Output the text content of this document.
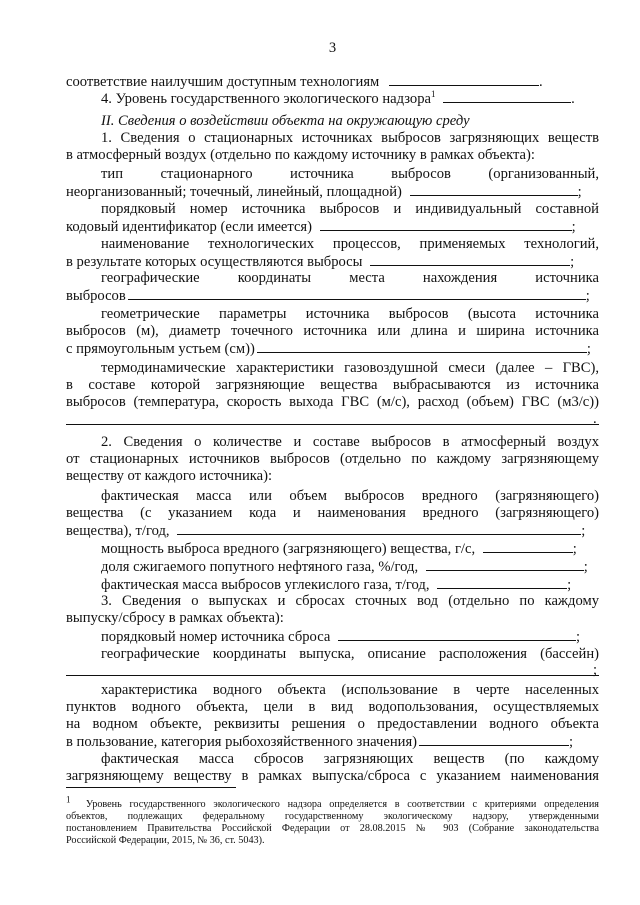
3
соответствие наилучшим доступным технологиям	.
4. Уровень государственного экологического надзора$^1$	.
II. Сведения о воздействии объекта на окружающую среду
1. Сведения о стационарных источниках выбросов загрязняющих веществ
в атмосферный воздух (отдельно по каждому источнику в рамках объекта):
тип стационарного источника выбросов (организованный,
неорганизованный; точечный, линейный, площадной)	;
порядковый номер источника выбросов и индивидуальный составной
кодовый идентификатор (если имеется)	;
наименование технологических процессов, применяемых технологий,
в результате которых осуществляются выбросы	;
географические координаты места нахождения источника
выбросов	;
геометрические параметры источника выбросов (высота источника
выбросов (м), диаметр точечного источника или длина и ширина источника
с прямоугольным устьем (см))	;
термодинамические характеристики газовоздушной смеси (далее – ГВС),
в составе которой загрязняющие вещества выбрасываются из источника
выбросов (температура, скорость выхода ГВС (м/с), расход (объем) ГВС (м3/с))
.
2. Сведения о количестве и составе выбросов в атмосферный воздух
от стационарных источников выбросов (отдельно по каждому загрязняющему
веществу от каждого источника):
фактическая масса или объем выбросов вредного (загрязняющего)
вещества (с указанием кода и наименования вредного (загрязняющего)
вещества), т/год,	;
мощность выброса вредного (загрязняющего) вещества, г/с,	;
доля сжигаемого попутного нефтяного газа, %/год,	;
фактическая масса выбросов углекислого газа, т/год,	;
3. Сведения о выпусках и сбросах сточных вод (отдельно по каждому
выпуску/сбросу в рамках объекта):
порядковый номер источника сброса	;
географические координаты выпуска, описание расположения (бассейн)
;
характеристика водного объекта (использование в черте населенных
пунктов водного объекта, цели в вид водопользования, осуществляемых
на водном объекте, реквизиты решения о предоставлении водного объекта
в пользование, категория рыбохозяйственного значения)	;
фактическая масса сбросов загрязняющих веществ (по каждому
загрязняющему веществу в рамках выпуска/сброса с указанием наименования
1 Уровень государственного экологического надзора определяется в соответствии с критериями определения
объектов, подлежащих федеральному государственному экологическому надзору, утвержденными
постановлением Правительства Российской Федерации от 28.08.2015 № 903 (Собрание законодательства
Российской Федерации, 2015, № 36, ст. 5043).
